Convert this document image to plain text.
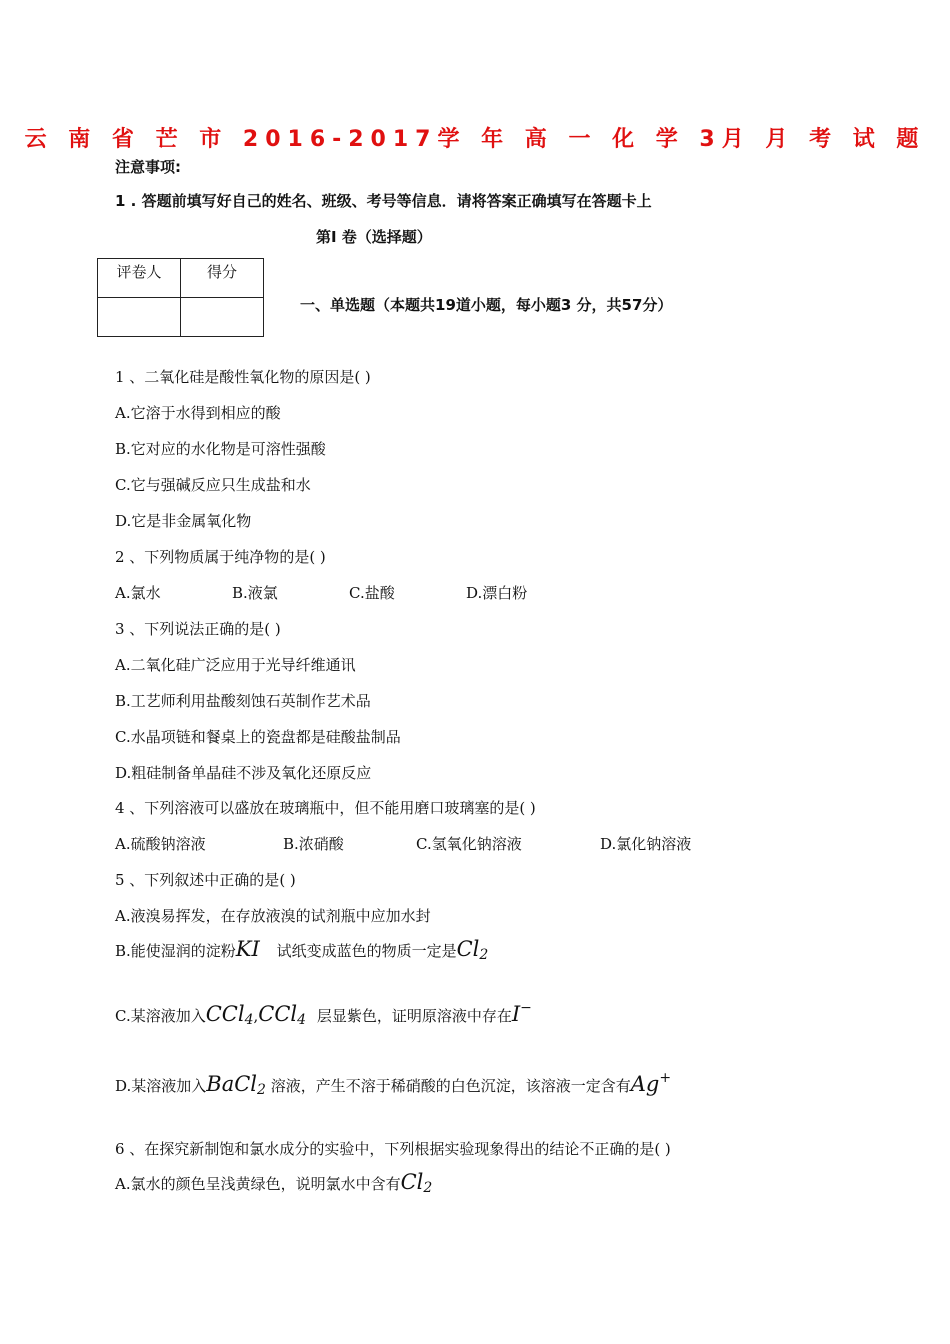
云 南 省 芒 市 2016-2017学 年 高 一 化 学 3月 月 考 试 题
注意事项:
1 . 答题前填写好自己的姓名、班级、考号等信息．请将答案正确填写在答题卡上
第I 卷（选择题）
评卷人	得分

一、单选题（本题共19道小题，每小题3 分，共57分）
1 、二氧化硅是酸性氧化物的原因是( )
A.它溶于水得到相应的酸
B.它对应的水化物是可溶性强酸
C.它与强碱反应只生成盐和水
D.它是非金属氧化物
2 、下列物质属于纯净物的是( )
A.氯水	B.液氯	C.盐酸	D.漂白粉
3 、下列说法正确的是( )
A.二氧化硅广泛应用于光导纤维通讯
B.工艺师利用盐酸刻蚀石英制作艺术品
C.水晶项链和餐桌上的瓷盘都是硅酸盐制品
D.粗硅制备单晶硅不涉及氧化还原反应
4 、下列溶液可以盛放在玻璃瓶中，但不能用磨口玻璃塞的是( )
A.硫酸钠溶液	B.浓硝酸	C.氢氧化钠溶液	D.氯化钠溶液
5 、下列叙述中正确的是( )
A.液溴易挥发，在存放液溴的试剂瓶中应加水封
B.能使湿润的淀粉KI 试纸变成蓝色的物质一定是$Cl_2$
C.某溶液加入CCl$_4$,CCl$_4$ 层显紫色，证明原溶液中存在I−
D.某溶液加入BaCl$_2$ 溶液，产生不溶于稀硝酸的白色沉淀，该溶液一定含有Ag+
6 、在探究新制饱和氯水成分的实验中，下列根据实验现象得出的结论不正确的是( )
A.氯水的颜色呈浅黄绿色，说明氯水中含有$Cl_2$
